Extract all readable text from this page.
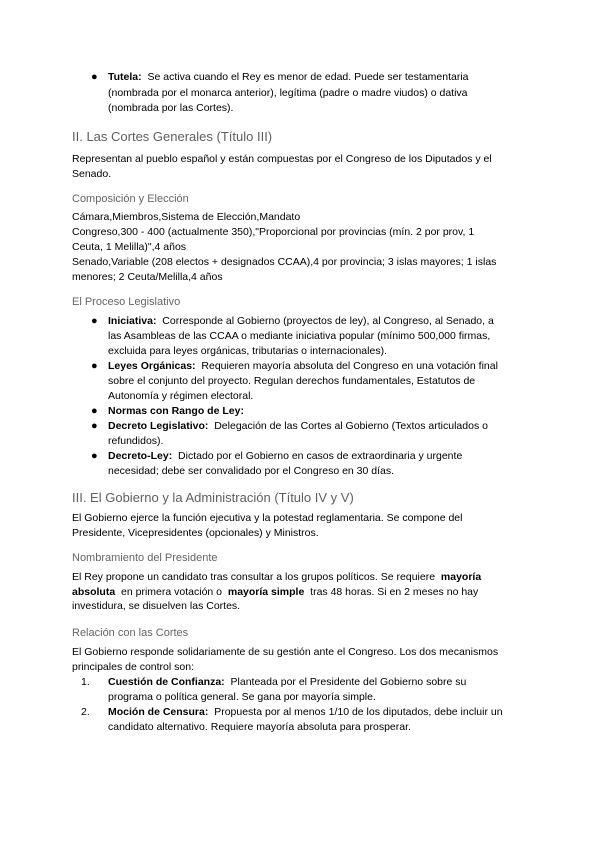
● Tutela: Se activa cuando el Rey es menor de edad. Puede ser testamentaria
(nombrada por el monarca anterior), legítima (padre o madre viudos) o dativa
(nombrada por las Cortes).
II. Las Cortes Generales (Título III)
Representan al pueblo español y están compuestas por el Congreso de los Diputados y el
Senado.
Composición y Elección
Cámara,Miembros,Sistema de Elección,Mandato
Congreso,300 - 400 (actualmente 350),"Proporcional por provincias (mín. 2 por prov, 1
Ceuta, 1 Melilla)",4 años
Senado,Variable (208 electos + designados CCAA),4 por provincia; 3 islas mayores; 1 islas
menores; 2 Ceuta/Melilla,4 años
El Proceso Legislativo
● Iniciativa: Corresponde al Gobierno (proyectos de ley), al Congreso, al Senado, a
las Asambleas de las CCAA o mediante iniciativa popular (mínimo 500,000 firmas,
excluida para leyes orgánicas, tributarias o internacionales).
● Leyes Orgánicas: Requieren mayoría absoluta del Congreso en una votación final
sobre el conjunto del proyecto. Regulan derechos fundamentales, Estatutos de
Autonomía y régimen electoral.
● Normas con Rango de Ley:
● Decreto Legislativo: Delegación de las Cortes al Gobierno (Textos articulados o
refundidos).
● Decreto-Ley: Dictado por el Gobierno en casos de extraordinaria y urgente
necesidad; debe ser convalidado por el Congreso en 30 días.
III. El Gobierno y la Administración (Título IV y V)
El Gobierno ejerce la función ejecutiva y la potestad reglamentaria. Se compone del
Presidente, Vicepresidentes (opcionales) y Ministros.
Nombramiento del Presidente
El Rey propone un candidato tras consultar a los grupos políticos. Se requiere mayoría
absoluta en primera votación o mayoría simple tras 48 horas. Si en 2 meses no hay
investidura, se disuelven las Cortes.
Relación con las Cortes
El Gobierno responde solidariamente de su gestión ante el Congreso. Los dos mecanismos
principales de control son:
1. Cuestión de Confianza: Planteada por el Presidente del Gobierno sobre su
programa o política general. Se gana por mayoría simple.
2. Moción de Censura: Propuesta por al menos 1/10 de los diputados, debe incluir un
candidato alternativo. Requiere mayoría absoluta para prosperar.
